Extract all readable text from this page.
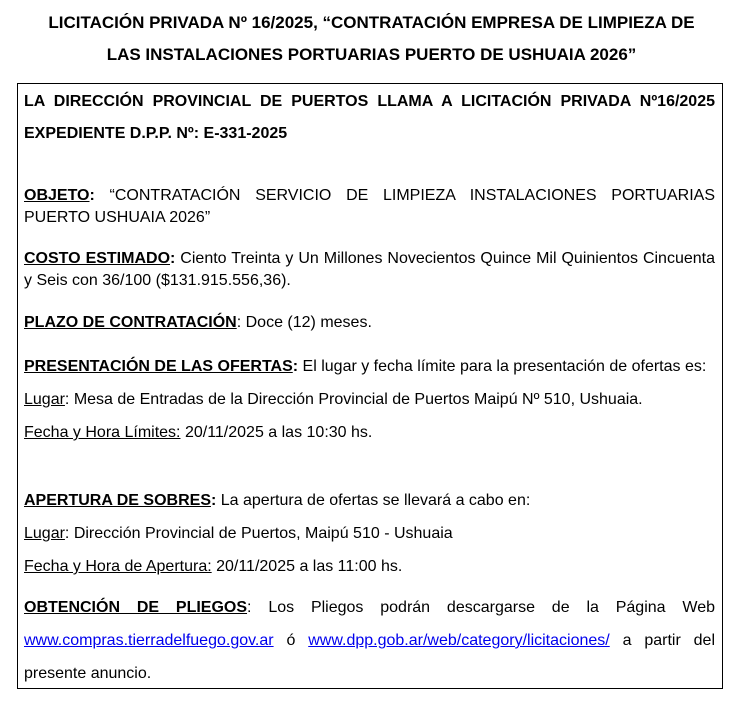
LICITACIÓN PRIVADA Nº 16/2025, “CONTRATACIÓN EMPRESA DE LIMPIEZA DE
LAS INSTALACIONES PORTUARIAS PUERTO DE USHUAIA 2026”

LA DIRECCIÓN PROVINCIAL DE PUERTOS LLAMA A LICITACIÓN PRIVADA Nº16/2025 EXPEDIENTE D.P.P. Nº: E-331-2025

OBJETO: “CONTRATACIÓN SERVICIO DE LIMPIEZA INSTALACIONES PORTUARIAS PUERTO USHUAIA 2026”

COSTO ESTIMADO: Ciento Treinta y Un Millones Novecientos Quince Mil Quinientos Cincuenta y Seis con 36/100 ($131.915.556,36).

PLAZO DE CONTRATACIÓN: Doce (12) meses.

PRESENTACIÓN DE LAS OFERTAS: El lugar y fecha límite para la presentación de ofertas es:
Lugar: Mesa de Entradas de la Dirección Provincial de Puertos Maipú Nº 510, Ushuaia.
Fecha y Hora Límites: 20/11/2025 a las 10:30 hs.
APERTURA DE SOBRES: La apertura de ofertas se llevará a cabo en:
Lugar: Dirección Provincial de Puertos, Maipú 510 - Ushuaia
Fecha y Hora de Apertura: 20/11/2025 a las 11:00 hs.

OBTENCIÓN DE PLIEGOS: Los Pliegos podrán descargarse de la Página Web www.compras.tierradelfuego.gov.ar ó www.dpp.gob.ar/web/category/licitaciones/ a partir del presente anuncio.
